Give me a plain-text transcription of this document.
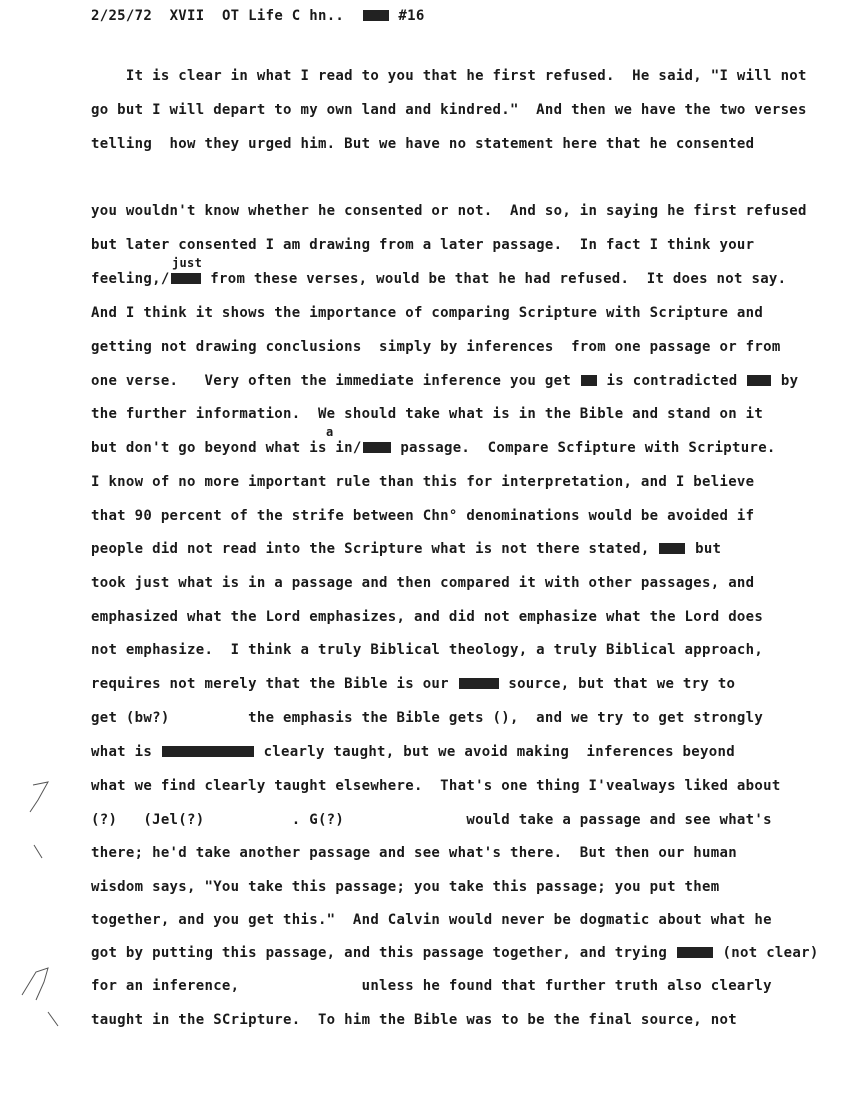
2/25/72 XVII  OT Life C hn..	#16
It is clear in what I read to you that he first refused.  He said, "I will not
go but I will depart to my own land and kindred."  And then we have the two verses
telling  how they urged him. But we have no statement here that he consented
you wouldn't know whether he consented or not.  And so, in saying he first refused
but later consented I am drawing from a later passage.  In fact I think your
just
feeling,/ from these verses, would be that he had refused.  It does not say.
And I think it shows the importance of comparing Scripture with Scripture and
getting not drawing conclusions  simply by inferences  from one passage or from
one verse.   Very often the immediate inference you get  is contradicted  by
the further information.  We should take what is in the Bible and stand on it
a
but don't go beyond what is in/ passage.  Compare Scfipture with Scripture.
I know of no more important rule than this for interpretation, and I believe
that 90 percent of the strife between Chn° denominations would be avoided if
people did not read into the Scripture what is not there stated,  but
took just what is in a passage and then compared it with other passages, and
emphasized what the Lord emphasizes, and did not emphasize what the Lord does
not emphasize.  I think a truly Biblical theology, a truly Biblical approach,
requires not merely that the Bible is our	source, but that we try to
get (bw?)         the emphasis the Bible gets (),  and we try to get strongly
what is	clearly taught, but we avoid making  inferences beyond
what we find clearly taught elsewhere.  That's one thing I'vealways liked about
(?)   (Jel(?)          . G(?)              would take a passage and see what's
there; he'd take another passage and see what's there.  But then our human
wisdom says, "You take this passage; you take this passage; you put them
together, and you get this."  And Calvin would never be dogmatic about what he
got by putting this passage, and this passage together, and trying	(not clear)
for an inference,              unless he found that further truth also clearly
taught in the SCripture.  To him the Bible was to be the final source, not
